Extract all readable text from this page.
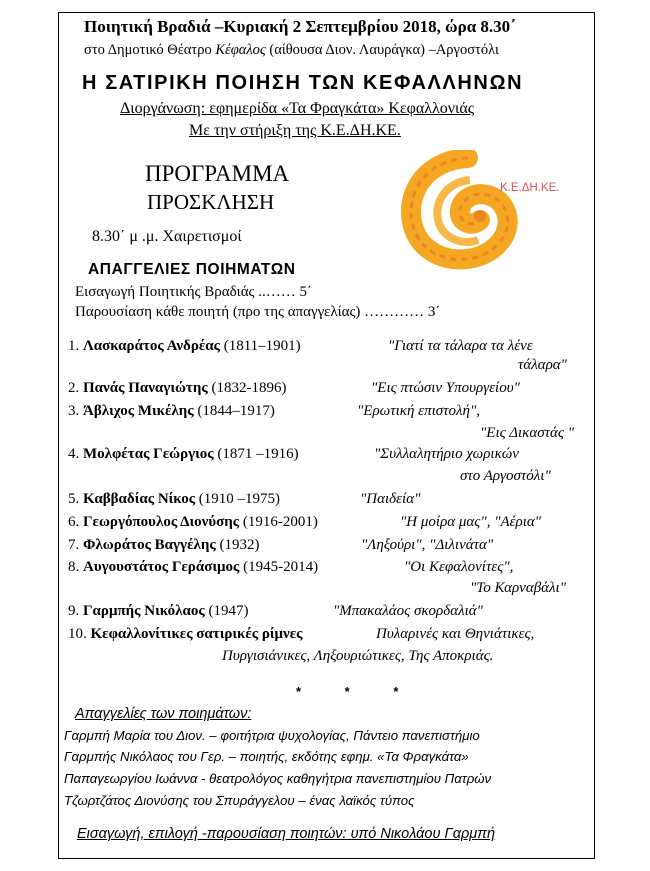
Ποιητική Βραδιά –Κυριακή 2 Σεπτεμβρίου 2018, ώρα 8.30΄
στο Δημοτικό Θέατρο Κέφαλος (αίθουσα Διον. Λαυράγκα) –Αργοστόλι
Η ΣΑΤΙΡΙΚΗ ΠΟΙΗΣΗ ΤΩΝ ΚΕΦΑΛΛΗΝΩΝ
Διοργάνωση: εφημερίδα «Τα Φραγκάτα» Κεφαλλονιάς
Με την στήριξη της Κ.Ε.ΔΗ.ΚΕ.
ΠΡΟΓΡΑΜΜΑ
ΠΡΟΣΚΛΗΣΗ
8.30΄ μ .μ. Χαιρετισμοί
Κ.Ε.ΔΗ.ΚΕ.
ΑΠΑΓΓΕΛΙΕΣ ΠΟΙΗΜΑΤΩΝ
Εισαγωγή Ποιητικής Βραδιάς ..…… 5΄
Παρουσίαση κάθε ποιητή (προ της απαγγελίας) ………… 3΄
1. Λασκαράτος Ανδρέας (1811–1901)	"Γιατί τα τάλαρα τα λένε
τάλαρα"
2. Πανάς Παναγιώτης (1832-1896)	"Εις πτώσιν Υπουργείου"
3. Άβλιχος Μικέλης (1844–1917)	"Ερωτική επιστολή",
"Εις Δικαστάς "
4. Μολφέτας Γεώργιος (1871 –1916)	"Συλλαλητήριο χωρικών
στο Αργοστόλι"
5. Καββαδίας Νίκος (1910 –1975)	"Παιδεία"
6. Γεωργόπουλος Διονύσης (1916-2001)	"Η μοίρα μας", "Αέρια"
7. Φλωράτος Βαγγέλης (1932)	"Ληξούρι", "Διλινάτα"
8. Αυγουστάτος Γεράσιμος (1945-2014)	"Οι Κεφαλονίτες",
"Το Καρναβάλι"
9. Γαρμπής Νικόλαος (1947)	"Μπακαλάος σκορδαλιά"
10. Κεφαλλονίτικες σατιρικές ρίμνες	Πυλαρινές και Θηνιάτικες,
Πυργισιάνικες, Ληξουριώτικες, Της Αποκριάς.
* * *
Απαγγελίες των ποιημάτων:
Γαρμπή Μαρία του Διον. – φοιτήτρια ψυχολογίας, Πάντειο πανεπιστήμιο
Γαρμπής Νικόλαος του Γερ. – ποιητής, εκδότης εφημ. «Τα Φραγκάτα»
Παπαγεωργίου Ιωάννα - θεατρολόγος καθηγήτρια πανεπιστημίου Πατρών
Τζωρτζάτος Διονύσης του Σπυράγγελου – ένας λαϊκός τύπος
Εισαγωγή, επιλογή -παρουσίαση ποιητών: υπό Νικολάου Γαρμπή
